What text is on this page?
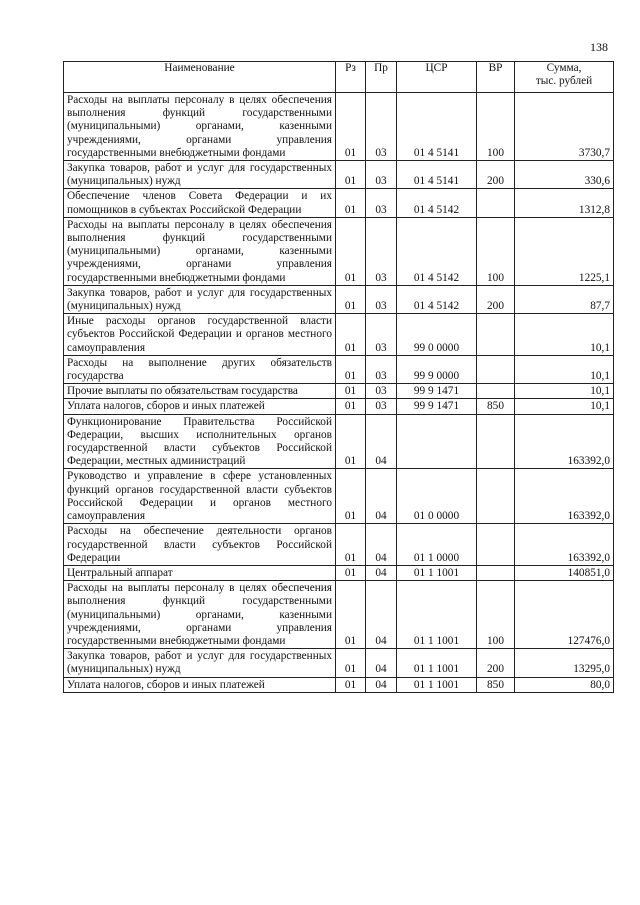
138
Наименование	Рз	Пр	ЦСР	ВР	Сумма,
тыс. рублей
Расходы на выплаты персоналу в целях обеспечения выполнения функций государственными (муниципальными) органами, казенными учреждениями, органами управления государственными внебюджетными фондами	01	03	01 4 5141	100	3730,7
Закупка товаров, работ и услуг для государственных (муниципальных) нужд	01	03	01 4 5141	200	330,6
Обеспечение членов Совета Федерации и их помощников в субъектах Российской Федерации	01	03	01 4 5142		1312,8
Расходы на выплаты персоналу в целях обеспечения выполнения функций государственными (муниципальными) органами, казенными учреждениями, органами управления государственными внебюджетными фондами	01	03	01 4 5142	100	1225,1
Закупка товаров, работ и услуг для государственных (муниципальных) нужд	01	03	01 4 5142	200	87,7
Иные расходы органов государственной власти субъектов Российской Федерации и органов местного самоуправления	01	03	99 0 0000		10,1
Расходы на выполнение других обязательств государства	01	03	99 9 0000		10,1
Прочие выплаты по обязательствам государства	01	03	99 9 1471		10,1
Уплата налогов, сборов и иных платежей	01	03	99 9 1471	850	10,1
Функционирование Правительства Российской Федерации, высших исполнительных органов государственной власти субъектов Российской Федерации, местных администраций	01	04			163392,0
Руководство и управление в сфере установленных функций органов государственной власти субъектов Российской Федерации и органов местного самоуправления	01	04	01 0 0000		163392,0
Расходы на обеспечение деятельности органов государственной власти субъектов Российской Федерации	01	04	01 1 0000		163392,0
Центральный аппарат	01	04	01 1 1001		140851,0
Расходы на выплаты персоналу в целях обеспечения выполнения функций государственными (муниципальными) органами, казенными учреждениями, органами управления государственными внебюджетными фондами	01	04	01 1 1001	100	127476,0
Закупка товаров, работ и услуг для государственных (муниципальных) нужд	01	04	01 1 1001	200	13295,0
Уплата налогов, сборов и иных платежей	01	04	01 1 1001	850	80,0
